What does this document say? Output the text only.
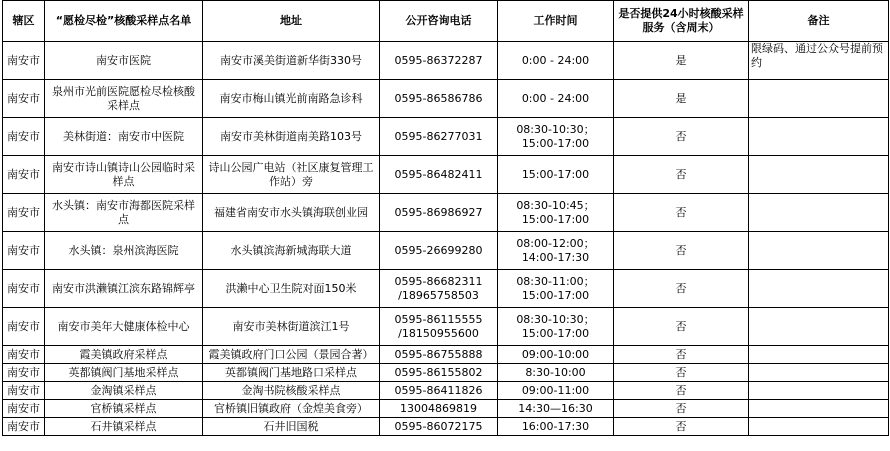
辖区	“愿检尽检”核酸采样点名单	地址	公开咨询电话	工作时间	是否提供24小时核酸采样服务（含周末）	备注
南安市	南安市医院	南安市溪美街道新华街330号	0595-86372287	0:00 - 24:00	是	限绿码、通过公众号提前预约
南安市	泉州市光前医院愿检尽检核酸采样点	南安市梅山镇光前南路急诊科	0595-86586786	0:00 - 24:00	是	
南安市	美林街道：南安市中医院	南安市美林街道南美路103号	0595-86277031	08:30-10:30；
15:00-17:00	否	
南安市	南安市诗山镇诗山公园临时采样点	诗山公园广电站（社区康复管理工作站）旁	0595-86482411	15:00-17:00	否	
南安市	水头镇：南安市海都医院采样点	福建省南安市水头镇海联创业园	0595-86986927	08:30-10:45；
15:00-17:00	否	
南安市	水头镇：泉州滨海医院	水头镇滨海新城海联大道	0595-26699280	08:00-12:00；
14:00-17:30	否	
南安市	南安市洪濑镇江滨东路锦辉亭	洪濑中心卫生院对面150米	0595-86682311
/18965758503	08:30-11:00；
15:00-17:00	否	
南安市	南安市美年大健康体检中心	南安市美林街道滨江1号	0595-86115555
/18150955600	08:30-10:30；
15:00-17:00	否	
南安市	霞美镇政府采样点	霞美镇政府门口公园（景园合著）	0595-86755888	09:00-10:00	否	
南安市	英都镇阀门基地采样点	英都镇阀门基地路口采样点	0595-86155802	8:30-10:00	否	
南安市	金淘镇采样点	金淘书院核酸采样点	0595-86411826	09:00-11:00	否	
南安市	官桥镇采样点	官桥镇旧镇政府（金煌美食旁）	13004869819	14:30—16:30	否	
南安市	石井镇采样点	石井旧国税	0595-86072175	16:00-17:30	否	
